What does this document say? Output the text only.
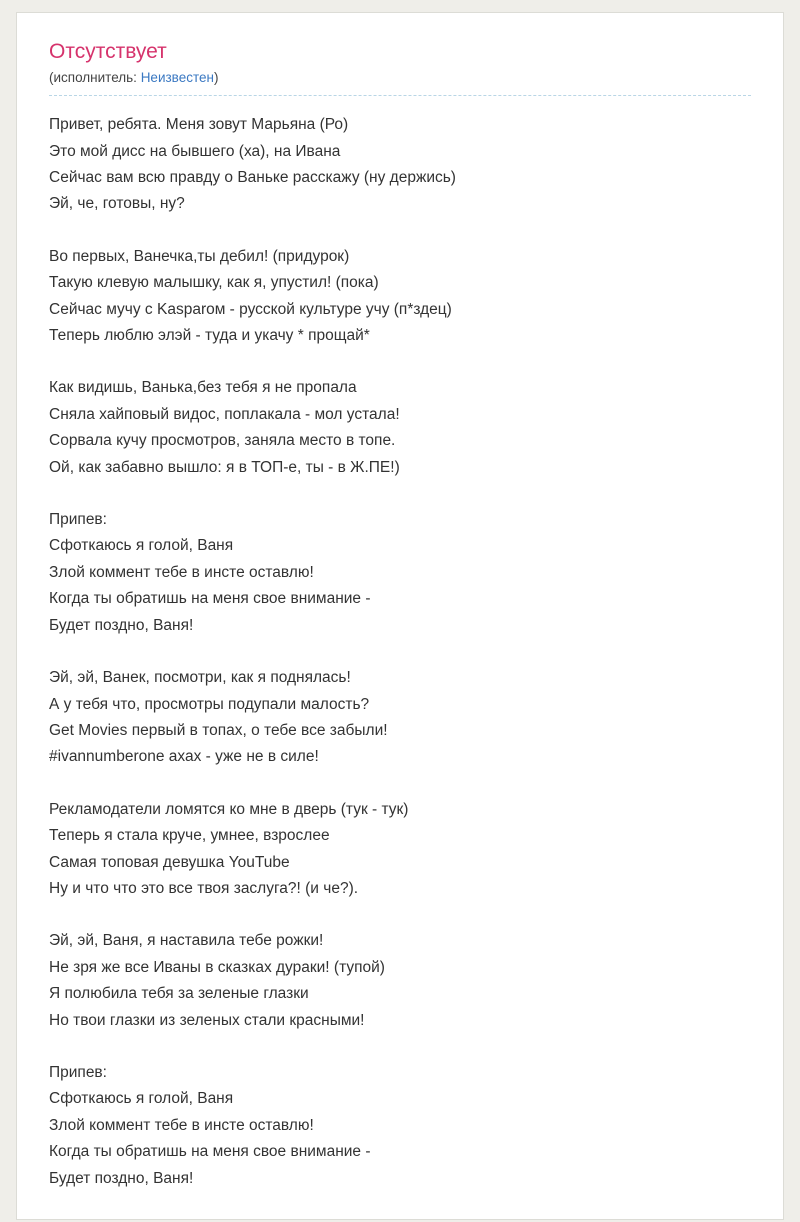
Отсутствует
(исполнитель: Неизвестен)

Привет, ребята. Меня зовут Марьяна (Ро)
Это мой дисс на бывшего (ха), на Ивана
Сейчас вам всю правду о Ваньке расскажу (ну держись)
Эй, че, готовы, ну?

Во первых, Ванечка,ты дебил! (придурок)
Такую клевую малышку, как я, упустил! (пока)
Сейчас мучу с Kasparом - русской культуре учу (п*здец)
Теперь люблю элэй - туда и укачу * прощай*

Как видишь, Ванька,без тебя я не пропала
Сняла хайповый видос, поплакала - мол устала!
Сорвала кучу просмотров, заняла место в топе.
Ой, как забавно вышло: я в ТОП-е, ты - в Ж.ПЕ!)

Припев:
Сфоткаюсь я голой, Ваня
Злой коммент тебе в инсте оставлю!
Когда ты обратишь на меня свое внимание -
Будет поздно, Ваня!

Эй, эй, Ванек, посмотри, как я поднялась!
А у тебя что, просмотры подупали малость?
Get Movies первый в топах, о тебе все забыли!
#ivannumberone ахах - уже не в силе!

Рекламодатели ломятся ко мне в дверь (тук - тук)
Теперь я стала круче, умнее, взрослее
Самая топовая девушка YouTube
Ну и что что это все твоя заслуга?! (и че?).

Эй, эй, Ваня, я наставила тебе рожки!
Не зря же все Иваны в сказках дураки! (тупой)
Я полюбила тебя за зеленые глазки
Но твои глазки из зеленых стали красными!

Припев:
Сфоткаюсь я голой, Ваня
Злой коммент тебе в инсте оставлю!
Когда ты обратишь на меня свое внимание -
Будет поздно, Ваня!
